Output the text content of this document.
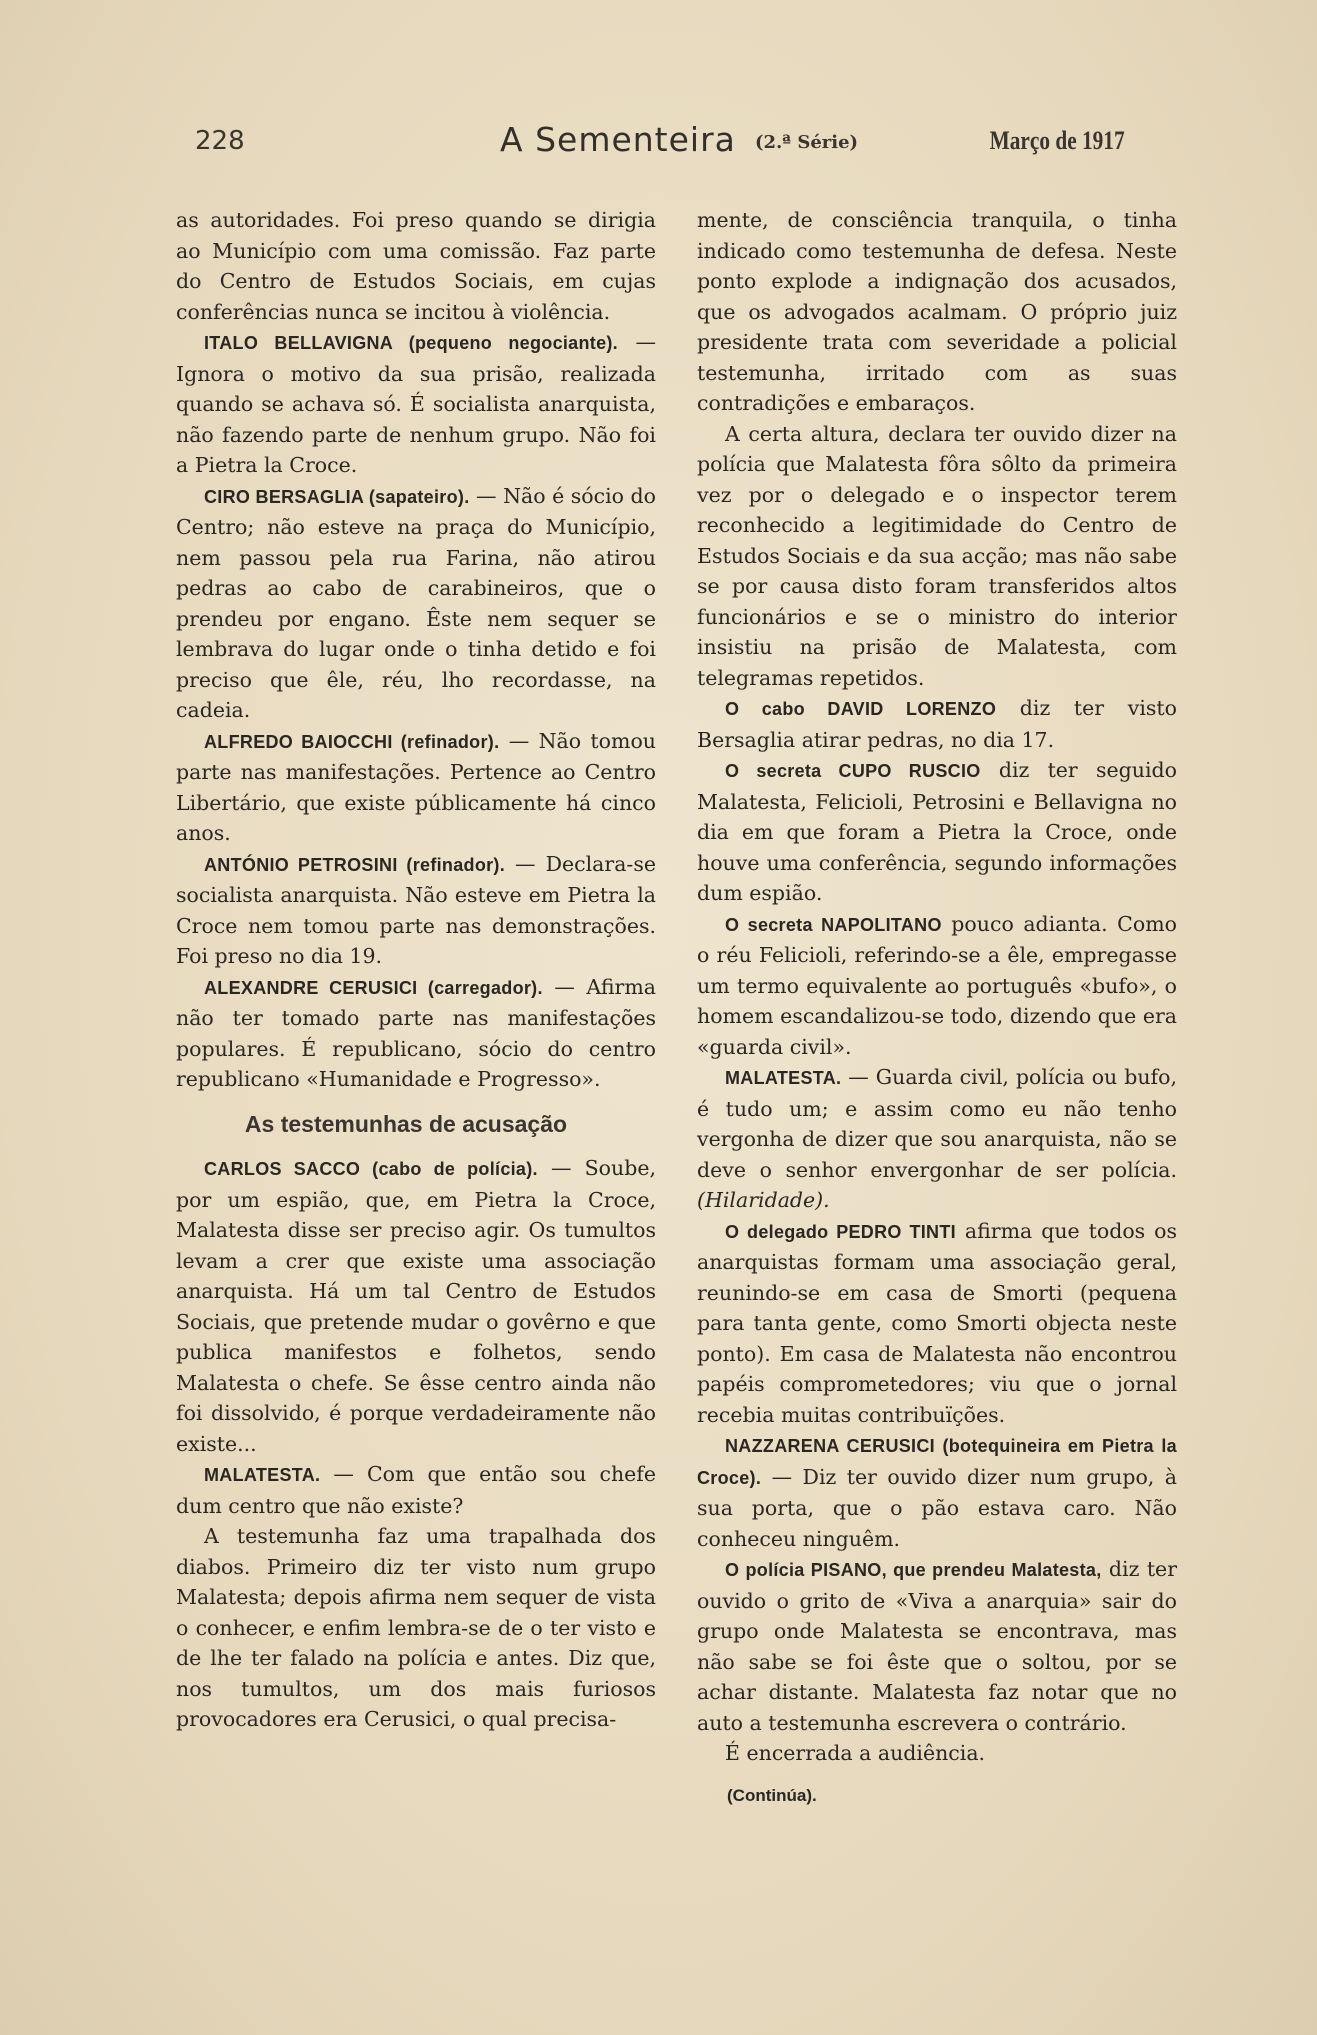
228	A Sementeira (2.ª Série)	Março de 1917

as autoridades. Foi preso quando se dirigia ao Município com uma comissão. Faz parte do Centro de Estudos Sociais, em cujas conferências nunca se incitou à violência.

ITALO BELLAVIGNA (pequeno negociante). — Ignora o motivo da sua prisão, realizada quando se achava só. É socialista anarquista, não fazendo parte de nenhum grupo. Não foi a Pietra la Croce.

CIRO BERSAGLIA (sapateiro). — Não é sócio do Centro; não esteve na praça do Município, nem passou pela rua Farina, não atirou pedras ao cabo de carabineiros, que o prendeu por engano. Êste nem sequer se lembrava do lugar onde o tinha detido e foi preciso que êle, réu, lho recordasse, na cadeia.

ALFREDO BAIOCCHI (refinador). — Não tomou parte nas manifestações. Pertence ao Centro Libertário, que existe públicamente há cinco anos.

ANTÓNIO PETROSINI (refinador). — Declara-se socialista anarquista. Não esteve em Pietra la Croce nem tomou parte nas demonstrações. Foi preso no dia 19.

ALEXANDRE CERUSICI (carregador). — Afirma não ter tomado parte nas manifestações populares. É republicano, sócio do centro republicano «Humanidade e Progresso».

As testemunhas de acusação

CARLOS SACCO (cabo de polícia). — Soube, por um espião, que, em Pietra la Croce, Malatesta disse ser preciso agir. Os tumultos levam a crer que existe uma associação anarquista. Há um tal Centro de Estudos Sociais, que pretende mudar o govêrno e que publica manifestos e folhetos, sendo Malatesta o chefe. Se êsse centro ainda não foi dissolvido, é porque verdadeiramente não existe...

MALATESTA. — Com que então sou chefe dum centro que não existe?

A testemunha faz uma trapalhada dos diabos. Primeiro diz ter visto num grupo Malatesta; depois afirma nem sequer de vista o conhecer, e enfim lembra-se de o ter visto e de lhe ter falado na polícia e antes. Diz que, nos tumultos, um dos mais furiosos provocadores era Cerusici, o qual precisa-

mente, de consciência tranquila, o tinha indicado como testemunha de defesa. Neste ponto explode a indignação dos acusados, que os advogados acalmam. O próprio juiz presidente trata com severidade a policial testemunha, irritado com as suas contradições e embaraços.

A certa altura, declara ter ouvido dizer na polícia que Malatesta fôra sôlto da primeira vez por o delegado e o inspector terem reconhecido a legitimidade do Centro de Estudos Sociais e da sua acção; mas não sabe se por causa disto foram transferidos altos funcionários e se o ministro do interior insistiu na prisão de Malatesta, com telegramas repetidos.

O cabo DAVID LORENZO diz ter visto Bersaglia atirar pedras, no dia 17.

O secreta CUPO RUSCIO diz ter seguido Malatesta, Felicioli, Petrosini e Bellavigna no dia em que foram a Pietra la Croce, onde houve uma conferência, segundo informações dum espião.

O secreta NAPOLITANO pouco adianta. Como o réu Felicioli, referindo-se a êle, empregasse um termo equivalente ao português «bufo», o homem escandalizou-se todo, dizendo que era «guarda civil».

MALATESTA. — Guarda civil, polícia ou bufo, é tudo um; e assim como eu não tenho vergonha de dizer que sou anarquista, não se deve o senhor envergonhar de ser polícia. (Hilaridade).

O delegado PEDRO TINTI afirma que todos os anarquistas formam uma associação geral, reunindo-se em casa de Smorti (pequena para tanta gente, como Smorti objecta neste ponto). Em casa de Malatesta não encontrou papéis comprometedores; viu que o jornal recebia muitas contribuïções.

NAZZARENA CERUSICI (botequineira em Pietra la Croce). — Diz ter ouvido dizer num grupo, à sua porta, que o pão estava caro. Não conheceu ninguêm.

O polícia PISANO, que prendeu Malatesta, diz ter ouvido o grito de «Viva a anarquia» sair do grupo onde Malatesta se encontrava, mas não sabe se foi êste que o soltou, por se achar distante. Malatesta faz notar que no auto a testemunha escrevera o contrário.

É encerrada a audiência.

(Continúa).
